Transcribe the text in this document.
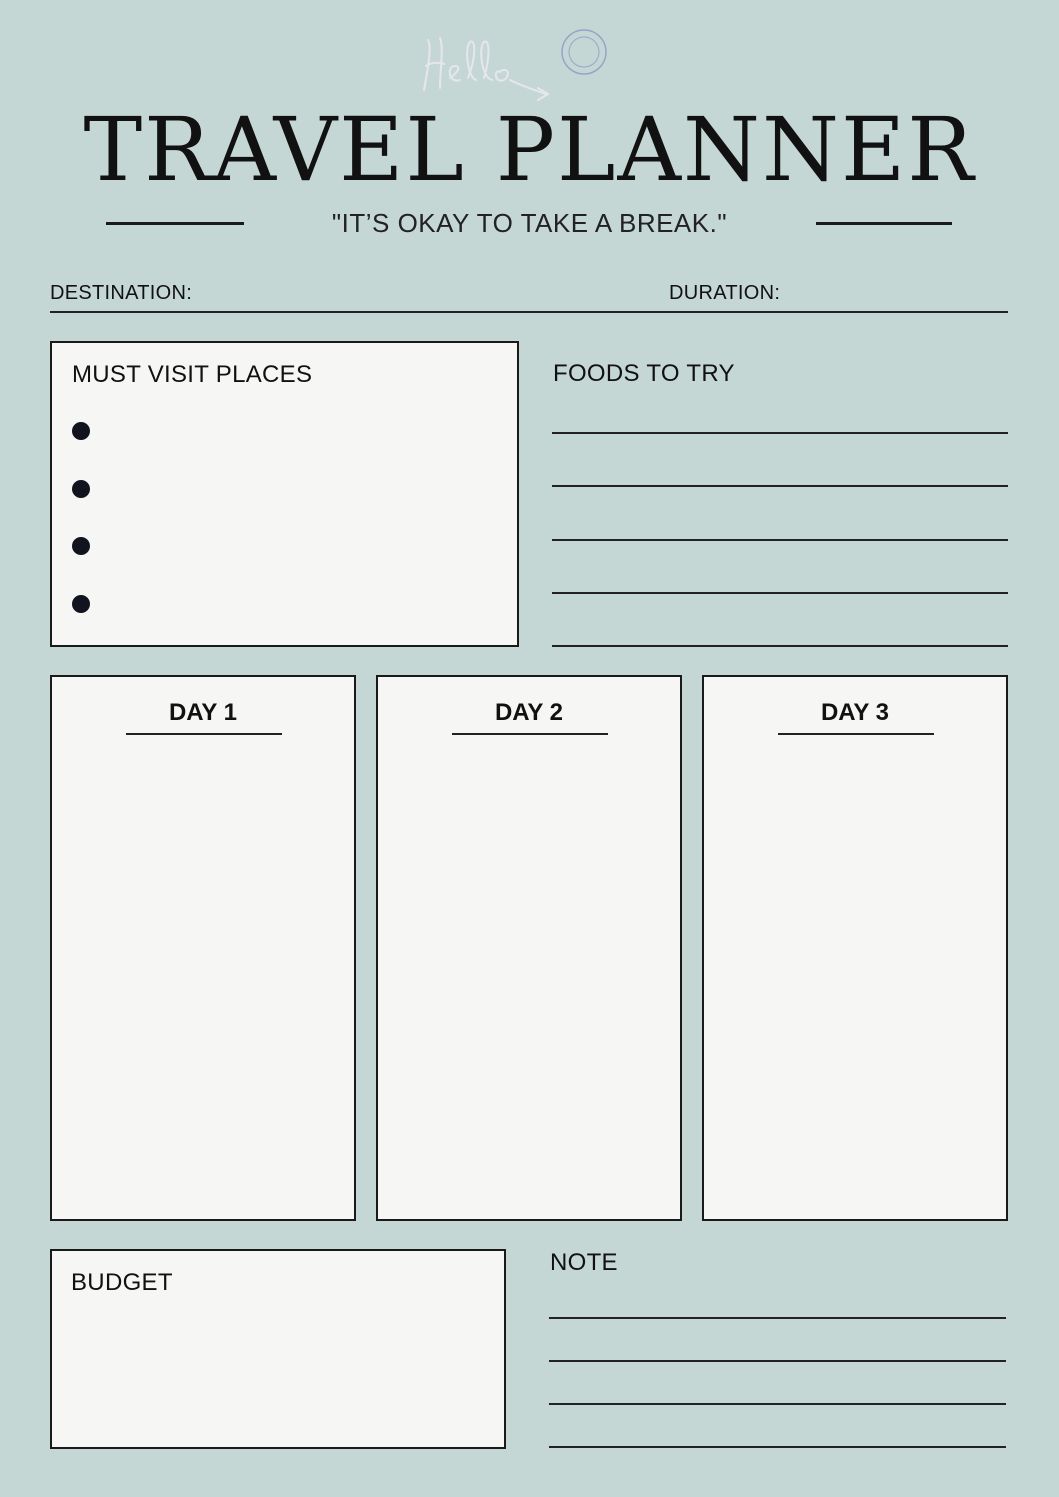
TRAVEL PLANNER
"IT’S OKAY TO TAKE A BREAK."
DESTINATION:	DURATION:
MUST VISIT PLACES	FOODS TO TRY
DAY 1	DAY 2	DAY 3
BUDGET
NOTE
